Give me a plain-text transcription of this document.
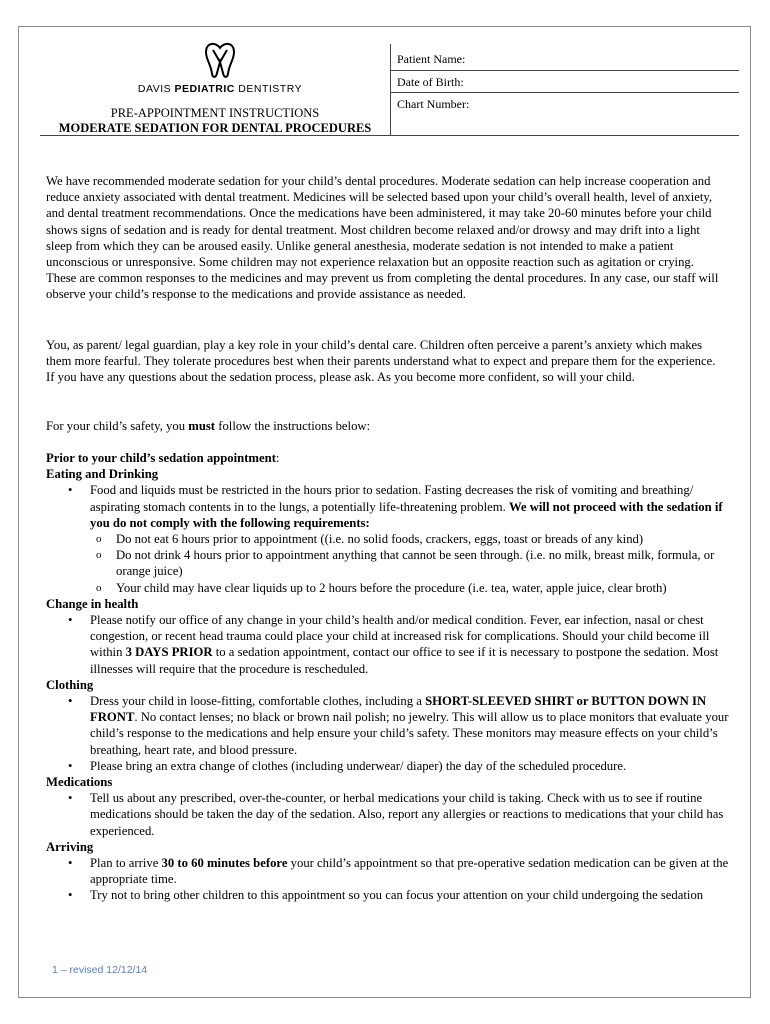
DAVIS PEDIATRIC DENTISTRY
PRE-APPOINTMENT INSTRUCTIONS
MODERATE SEDATION FOR DENTAL PROCEDURES
Patient Name:
Date of Birth:
Chart Number:

We have recommended moderate sedation for your child’s dental procedures. Moderate sedation can help increase cooperation and reduce anxiety associated with dental treatment. Medicines will be selected based upon your child’s overall health, level of anxiety, and dental treatment recommendations. Once the medications have been administered, it may take 20-60 minutes before your child shows signs of sedation and is ready for dental treatment. Most children become relaxed and/or drowsy and may drift into a light sleep from which they can be aroused easily. Unlike general anesthesia, moderate sedation is not intended to make a patient unconscious or unresponsive. Some children may not experience relaxation but an opposite reaction such as agitation or crying. These are common responses to the medicines and may prevent us from completing the dental procedures. In any case, our staff will observe your child’s response to the medications and provide assistance as needed.

You, as parent/ legal guardian, play a key role in your child’s dental care. Children often perceive a parent’s anxiety which makes them more fearful. They tolerate procedures best when their parents understand what to expect and prepare them for the experience. If you have any questions about the sedation process, please ask. As you become more confident, so will your child.

For your child’s safety, you must follow the instructions below:

Prior to your child’s sedation appointment:
Eating and Drinking
• Food and liquids must be restricted in the hours prior to sedation. Fasting decreases the risk of vomiting and breathing/ aspirating stomach contents in to the lungs, a potentially life-threatening problem. We will not proceed with the sedation if you do not comply with the following requirements:
o Do not eat 6 hours prior to appointment ((i.e. no solid foods, crackers, eggs, toast or breads of any kind)
o Do not drink 4 hours prior to appointment anything that cannot be seen through. (i.e. no milk, breast milk, formula, or orange juice)
o Your child may have clear liquids up to 2 hours before the procedure (i.e. tea, water, apple juice, clear broth)
Change in health
• Please notify our office of any change in your child’s health and/or medical condition. Fever, ear infection, nasal or chest congestion, or recent head trauma could place your child at increased risk for complications. Should your child become ill within 3 DAYS PRIOR to a sedation appointment, contact our office to see if it is necessary to postpone the sedation. Most illnesses will require that the procedure is rescheduled.
Clothing
• Dress your child in loose-fitting, comfortable clothes, including a SHORT-SLEEVED SHIRT or BUTTON DOWN IN FRONT. No contact lenses; no black or brown nail polish; no jewelry. This will allow us to place monitors that evaluate your child’s response to the medications and help ensure your child’s safety. These monitors may measure effects on your child’s breathing, heart rate, and blood pressure.
• Please bring an extra change of clothes (including underwear/ diaper) the day of the scheduled procedure.
Medications
• Tell us about any prescribed, over-the-counter, or herbal medications your child is taking. Check with us to see if routine medications should be taken the day of the sedation. Also, report any allergies or reactions to medications that your child has experienced.
Arriving
• Plan to arrive 30 to 60 minutes before your child’s appointment so that pre-operative sedation medication can be given at the appropriate time.
• Try not to bring other children to this appointment so you can focus your attention on your child undergoing the sedation
1 – revised 12/12/14
